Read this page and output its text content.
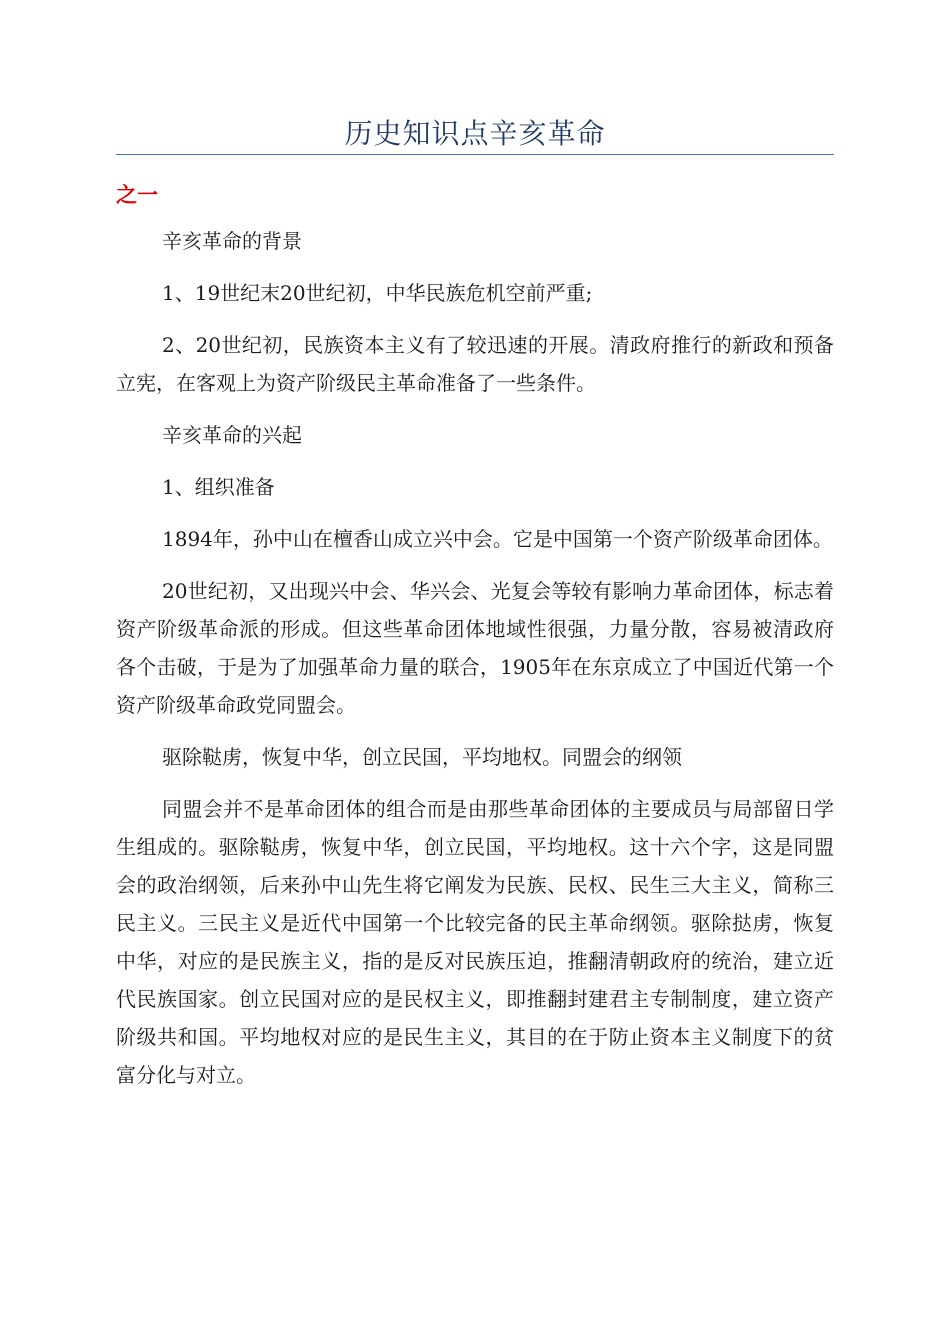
历史知识点辛亥革命
之一

辛亥革命的背景

1、19世纪末20世纪初，中华民族危机空前严重;

2、20世纪初，民族资本主义有了较迅速的开展。清政府推行的新政和预备立宪，在客观上为资产阶级民主革命准备了一些条件。

辛亥革命的兴起

1、组织准备

1894年，孙中山在檀香山成立兴中会。它是中国第一个资产阶级革命团体。

20世纪初，又出现兴中会、华兴会、光复会等较有影响力革命团体，标志着资产阶级革命派的形成。但这些革命团体地域性很强，力量分散，容易被清政府各个击破，于是为了加强革命力量的联合，1905年在东京成立了中国近代第一个资产阶级革命政党同盟会。

驱除鞑虏，恢复中华，创立民国，平均地权。同盟会的纲领

同盟会并不是革命团体的组合而是由那些革命团体的主要成员与局部留日学生组成的。驱除鞑虏，恢复中华，创立民国，平均地权。这十六个字，这是同盟会的政治纲领，后来孙中山先生将它阐发为民族、民权、民生三大主义，简称三民主义。三民主义是近代中国第一个比较完备的民主革命纲领。驱除挞虏，恢复中华，对应的是民族主义，指的是反对民族压迫，推翻清朝政府的统治，建立近代民族国家。创立民国对应的是民权主义，即推翻封建君主专制制度，建立资产阶级共和国。平均地权对应的是民生主义，其目的在于防止资本主义制度下的贫富分化与对立。
